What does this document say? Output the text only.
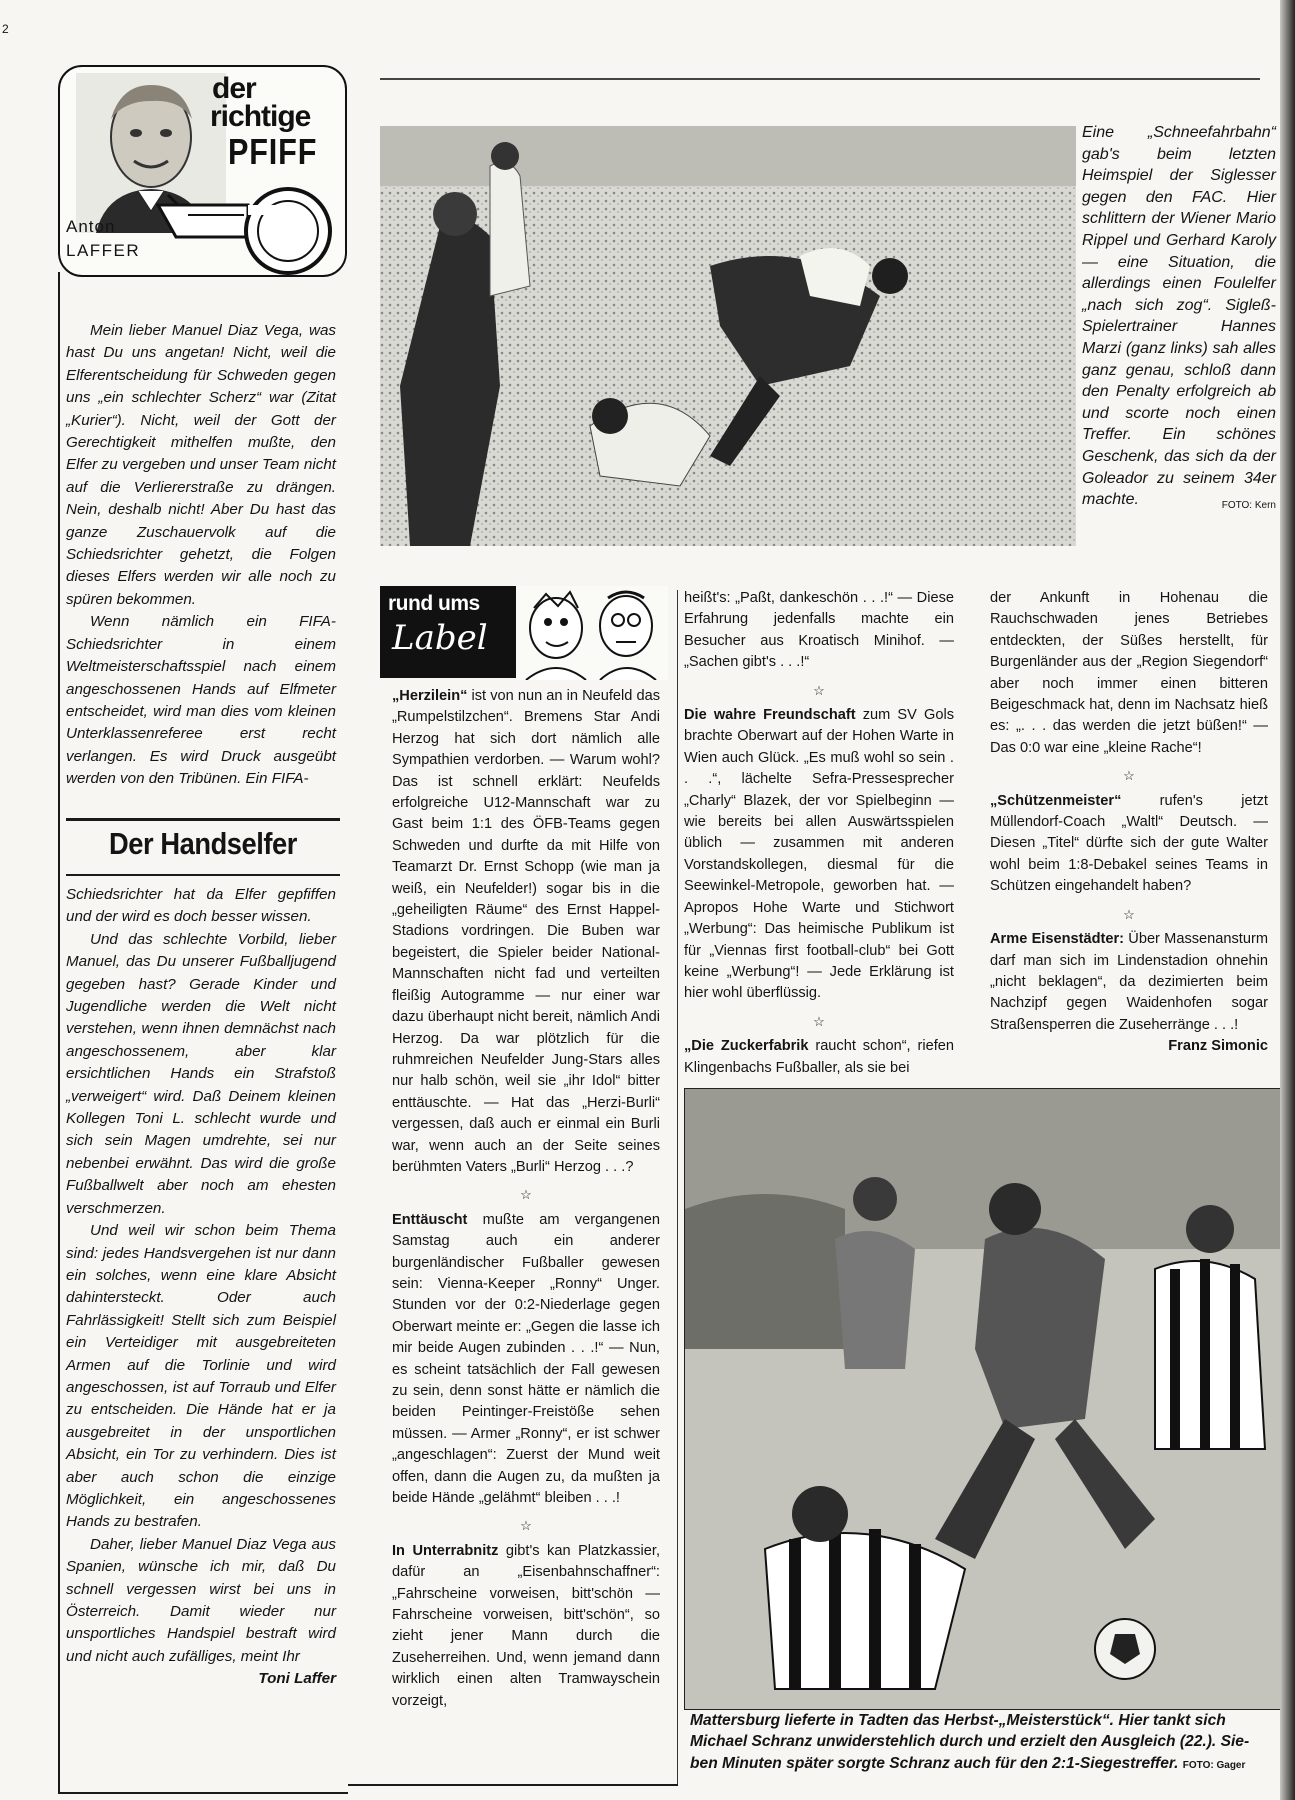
2
der
richtige
PFIFF
Anton
LAFFER

Mein lieber Manuel Diaz Vega, was hast Du uns angetan! Nicht, weil die Elferentscheidung für Schweden gegen uns „ein schlechter Scherz“ war (Zitat „Kurier“). Nicht, weil der Gott der Gerechtigkeit mithelfen mußte, den Elfer zu vergeben und unser Team nicht auf die Verliererstraße zu drängen. Nein, deshalb nicht! Aber Du hast das ganze Zuschauervolk auf die Schiedsrichter gehetzt, die Folgen dieses Elfers werden wir alle noch zu spüren bekommen.

Wenn nämlich ein FIFA-Schiedsrichter in einem Weltmeisterschaftsspiel nach einem angeschossenen Hands auf Elfmeter entscheidet, wird man dies vom kleinen Unterklassenreferee erst recht verlangen. Es wird Druck ausgeübt werden von den Tribünen. Ein FIFA-

Der Handselfer

Schiedsrichter hat da Elfer gepfiffen und der wird es doch besser wissen.

Und das schlechte Vorbild, lieber Manuel, das Du unserer Fußballjugend gegeben hast? Gerade Kinder und Jugendliche werden die Welt nicht verstehen, wenn ihnen demnächst nach angeschossenem, aber klar ersichtlichen Hands ein Strafstoß „verweigert“ wird. Daß Deinem kleinen Kollegen Toni L. schlecht wurde und sich sein Magen umdrehte, sei nur nebenbei erwähnt. Das wird die große Fußballwelt aber noch am ehesten verschmerzen.

Und weil wir schon beim Thema sind: jedes Handsvergehen ist nur dann ein solches, wenn eine klare Absicht dahintersteckt. Oder auch Fahrlässigkeit! Stellt sich zum Beispiel ein Verteidiger mit ausgebreiteten Armen auf die Torlinie und wird angeschossen, ist auf Torraub und Elfer zu entscheiden. Die Hände hat er ja ausgebreitet in der unsportlichen Absicht, ein Tor zu verhindern. Dies ist aber auch schon die einzige Möglichkeit, ein angeschossenes Hands zu bestrafen.

Daher, lieber Manuel Diaz Vega aus Spanien, wünsche ich mir, daß Du schnell vergessen wirst bei uns in Österreich. Damit wieder nur unsportliches Handspiel bestraft wird und nicht auch zufälliges, meint Ihr

Toni Laffer
Eine „Schneefahrbahn“ gab's beim letzten Heimspiel der Siglesser gegen den FAC. Hier schlittern der Wiener Mario Rippel und Gerhard Karoly — eine Situation, die allerdings einen Foulelfer „nach sich zog“. Sigleß-Spielertrainer Hannes Marzi (ganz links) sah alles ganz genau, schloß dann den Penalty erfolgreich ab und scorte noch einen Treffer. Ein schönes Geschenk, das sich da der Goleador zu seinem 34er machte.	FOTO: Kern
rund ums
Label

„Herzilein“ ist von nun an in Neufeld das „Rumpelstilzchen“. Bremens Star Andi Herzog hat sich dort nämlich alle Sympathien verdorben. — Warum wohl? Das ist schnell erklärt: Neufelds erfolgreiche U12-Mannschaft war zu Gast beim 1:1 des ÖFB-Teams gegen Schweden und durfte da mit Hilfe von Teamarzt Dr. Ernst Schopp (wie man ja weiß, ein Neufelder!) sogar bis in die „geheiligten Räume“ des Ernst Happel-Stadions vordringen. Die Buben war begeistert, die Spieler beider National-Mannschaften nicht fad und verteilten fleißig Autogramme — nur einer war dazu überhaupt nicht bereit, nämlich Andi Herzog. Da war plötzlich für die ruhmreichen Neufelder Jung-Stars alles nur halb schön, weil sie „ihr Idol“ bitter enttäuschte. — Hat das „Herzi-Burli“ vergessen, daß auch er einmal ein Burli war, wenn auch an der Seite seines berühmten Vaters „Burli“ Herzog . . .?

☆

Enttäuscht mußte am vergangenen Samstag auch ein anderer burgenländischer Fußballer gewesen sein: Vienna-Keeper „Ronny“ Unger. Stunden vor der 0:2-Niederlage gegen Oberwart meinte er: „Gegen die lasse ich mir beide Augen zubinden . . .!“ — Nun, es scheint tatsächlich der Fall gewesen zu sein, denn sonst hätte er nämlich die beiden Peintinger-Freistöße sehen müssen. — Armer „Ronny“, er ist schwer „angeschlagen“: Zuerst der Mund weit offen, dann die Augen zu, da mußten ja beide Hände „gelähmt“ bleiben . . .!

☆

In Unterrabnitz gibt's kan Platzkassier, dafür an „Eisenbahnschaffner“: „Fahrscheine vorweisen, bitt'schön — Fahrscheine vorweisen, bitt'schön“, so zieht jener Mann durch die Zuseherreihen. Und, wenn jemand dann wirklich einen alten Tramwayschein vorzeigt,

heißt's: „Paßt, dankeschön . . .!“ — Diese Erfahrung jedenfalls machte ein Besucher aus Kroatisch Minihof. — „Sachen gibt's . . .!“

☆

Die wahre Freundschaft zum SV Gols brachte Oberwart auf der Hohen Warte in Wien auch Glück. „Es muß wohl so sein . . .“, lächelte Sefra-Pressesprecher „Charly“ Blazek, der vor Spielbeginn — wie bereits bei allen Auswärtsspielen üblich — zusammen mit anderen Vorstandskollegen, diesmal für die Seewinkel-Metropole, geworben hat. — Apropos Hohe Warte und Stichwort „Werbung“: Das heimische Publikum ist für „Viennas first football-club“ bei Gott keine „Werbung“! — Jede Erklärung ist hier wohl überflüssig.

☆

„Die Zuckerfabrik raucht schon“, riefen Klingenbachs Fußballer, als sie bei

der Ankunft in Hohenau die Rauchschwaden jenes Betriebes entdeckten, der Süßes herstellt, für Burgenländer aus der „Region Siegendorf“ aber noch immer einen bitteren Beigeschmack hat, denn im Nachsatz hieß es: „. . . das werden die jetzt büßen!“ — Das 0:0 war eine „kleine Rache“!

☆

„Schützenmeister“ rufen's jetzt Müllendorf-Coach „Waltl“ Deutsch. — Diesen „Titel“ dürfte sich der gute Walter wohl beim 1:8-Debakel seines Teams in Schützen eingehandelt haben?

☆

Arme Eisenstädter: Über Massenansturm darf man sich im Lindenstadion ohnehin „nicht beklagen“, da dezimierten beim Nachzipf gegen Waidenhofen sogar Straßensperren die Zuseherränge . . .!

Franz Simonic
Mattersburg lieferte in Tadten das Herbst-„Meisterstück“. Hier tankt sich
Michael Schranz unwiderstehlich durch und erzielt den Ausgleich (22.). Sie-
ben Minuten später sorgte Schranz auch für den 2:1-Siegestreffer. FOTO: Gager
